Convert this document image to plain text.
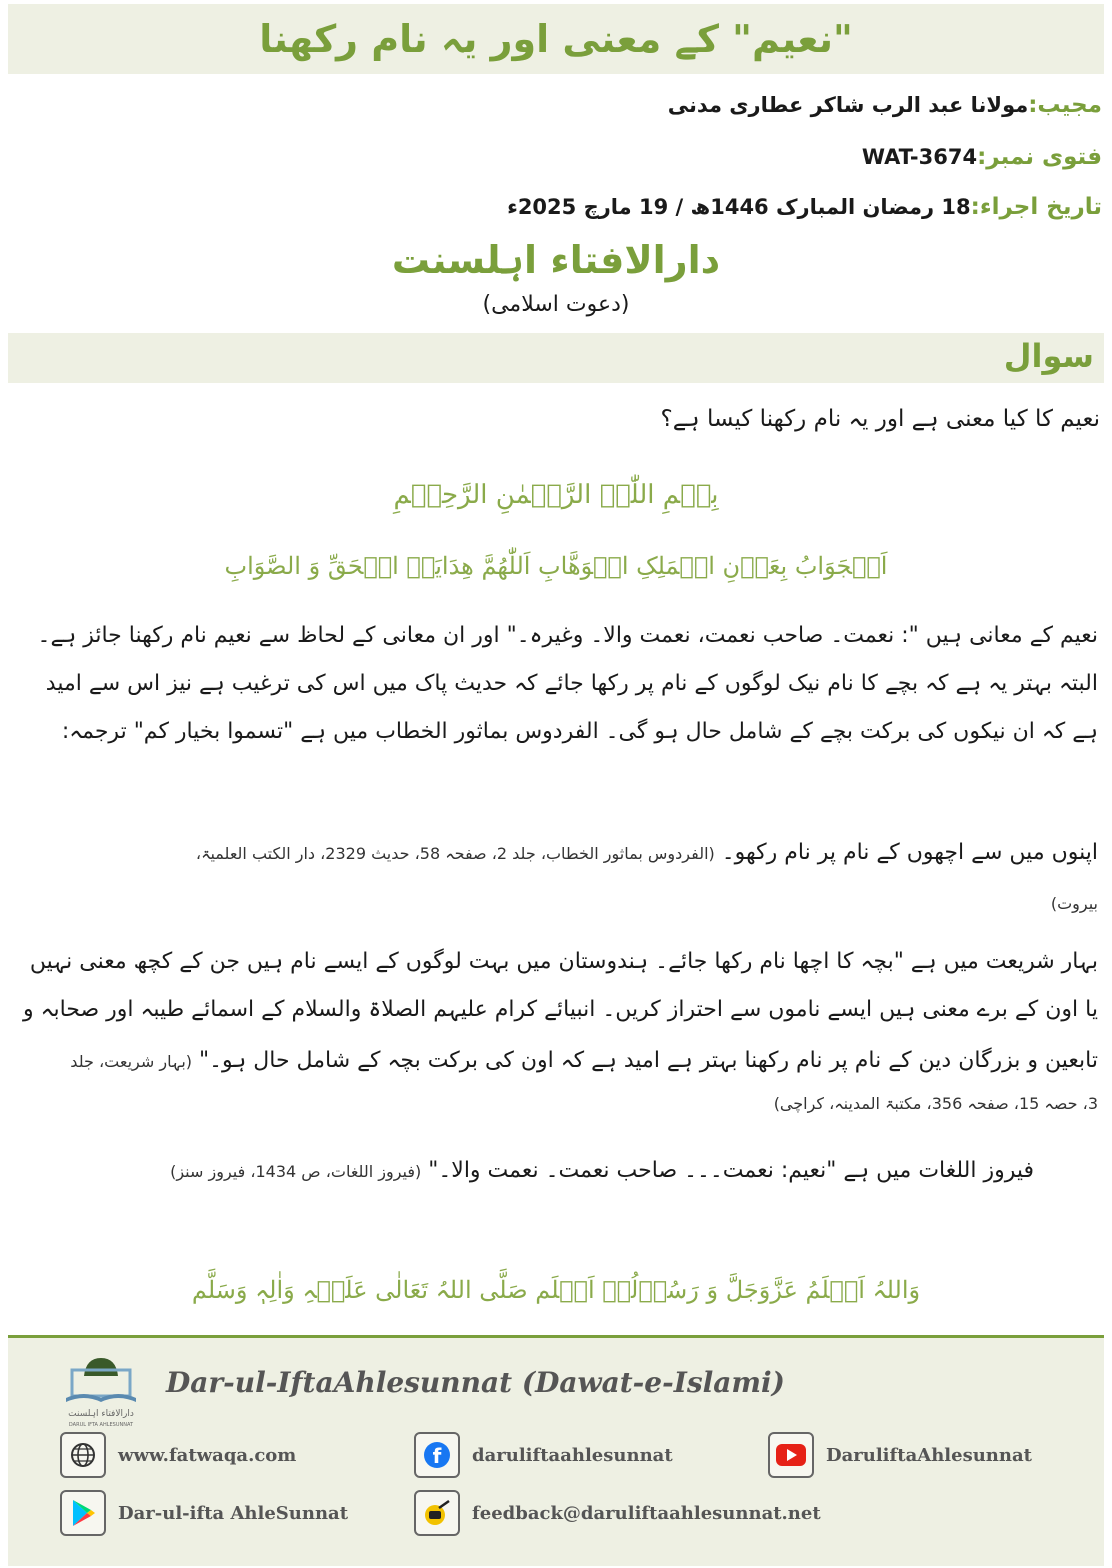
"نعیم" کے معنی اور یہ نام رکھنا
مجیب:مولانا عبد الرب شاکر عطاری مدنی
فتوی نمبر:WAT-3674
تاریخ اجراء:18 رمضان المبارک 1446ھ / 19 مارچ 2025ء
دارالافتاء اہلسنت
(دعوت اسلامی)
سوال
نعیم کا کیا معنی ہے اور یہ نام رکھنا کیسا ہے؟
بِسۡمِ اللّٰہِ الرَّحۡمٰنِ الرَّحِیۡمِ
اَلۡجَوَابُ بِعَوۡنِ الۡمَلِکِ الۡوَھَّابِ اَللّٰھُمَّ ھِدَایَۃَ الۡحَقِّ وَ الصَّوَابِ

نعیم کے معانی ہیں ": نعمت۔ صاحب نعمت، نعمت والا۔ وغیرہ۔" اور ان معانی کے لحاظ سے نعیم نام رکھنا جائز ہے۔

البتہ بہتر یہ ہے کہ بچے کا نام نیک لوگوں کے نام پر رکھا جائے کہ حدیث پاک میں اس کی ترغیب ہے نیز اس سے امید

ہے کہ ان نیکوں کی برکت بچے کے شامل حال ہو گی۔ الفردوس بماثور الخطاب میں ہے "تسموا بخیار کم" ترجمہ:

اپنوں میں سے اچھوں کے نام پر نام رکھو۔ (الفردوس بماثور الخطاب، جلد 2، صفحہ 58، حدیث 2329، دار الکتب العلمیۃ،
بیروت)

بہار شریعت میں ہے "بچہ کا اچھا نام رکھا جائے۔ ہندوستان میں بہت لوگوں کے ایسے نام ہیں جن کے کچھ معنی نہیں

یا اون کے برے معنی ہیں ایسے ناموں سے احتراز کریں۔ انبیائے کرام علیہم الصلاۃ والسلام کے اسمائے طیبہ اور صحابہ و

تابعین و بزرگان دین کے نام پر نام رکھنا بہتر ہے امید ہے کہ اون کی برکت بچہ کے شامل حال ہو۔" (بہار شریعت، جلد
3، حصہ 15، صفحہ 356، مکتبۃ المدینہ، کراچی)
فیروز اللغات میں ہے "نعیم: نعمت۔۔۔ صاحب نعمت۔ نعمت والا۔" (فیروز اللغات، ص 1434، فیروز سنز)
وَاللہُ اَعۡلَمُ عَزَّوَجَلَّ وَ رَسُوۡلُہٗ اَعۡلَم صَلَّی اللہُ تَعَالٰی عَلَیۡہِ وَاٰلِہٖ وَسَلَّم
دارالافتاء اہلسنت
DARUL IFTA AHLESUNNAT
Dar-ul-IftaAhlesunnat (Dawat-e-Islami)
www.fatwaqa.com	f daruliftaahlesunnat	DaruliftaAhlesunnat
Dar-ul-ifta AhleSunnat	feedback@daruliftaahlesunnat.net
